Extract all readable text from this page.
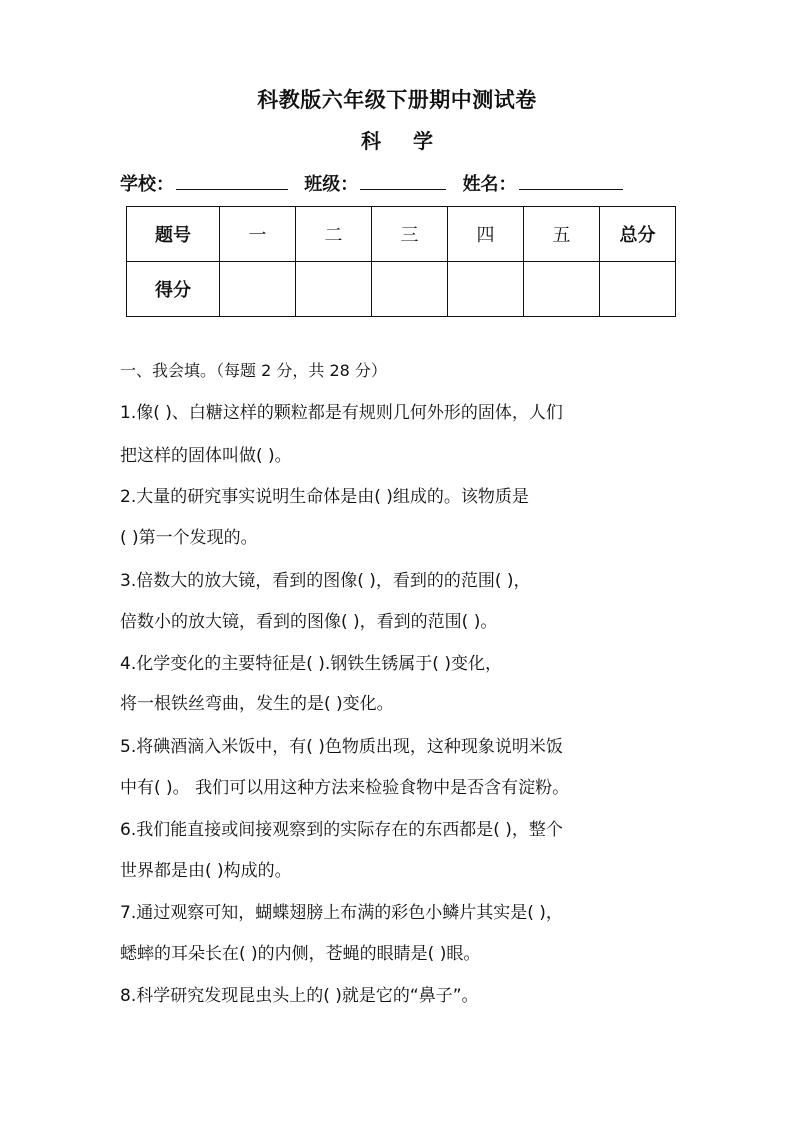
科教版六年级下册期中测试卷
科学
学校：	班级：	姓名：
题号	一	二	三	四	五	总分
得分						
一、我会填。（每题 2 分，共 28 分）
1.像( )、白糖这样的颗粒都是有规则几何外形的固体，人们
把这样的固体叫做( )。
2.大量的研究事实说明生命体是由( )组成的。该物质是
( )第一个发现的。
3.倍数大的放大镜，看到的图像( )，看到的的范围( )，
倍数小的放大镜，看到的图像( )，看到的范围( )。
4.化学变化的主要特征是( ).钢铁生锈属于( )变化，
将一根铁丝弯曲，发生的是( )变化。
5.将碘酒滴入米饭中，有( )色物质出现，这种现象说明米饭
中有( )。 我们可以用这种方法来检验食物中是否含有淀粉。
6.我们能直接或间接观察到的实际存在的东西都是( )，整个
世界都是由( )构成的。
7.通过观察可知，蝴蝶翅膀上布满的彩色小鳞片其实是( )，
蟋蟀的耳朵长在( )的内侧，苍蝇的眼睛是( )眼。
8.科学研究发现昆虫头上的( )就是它的“鼻子”。
